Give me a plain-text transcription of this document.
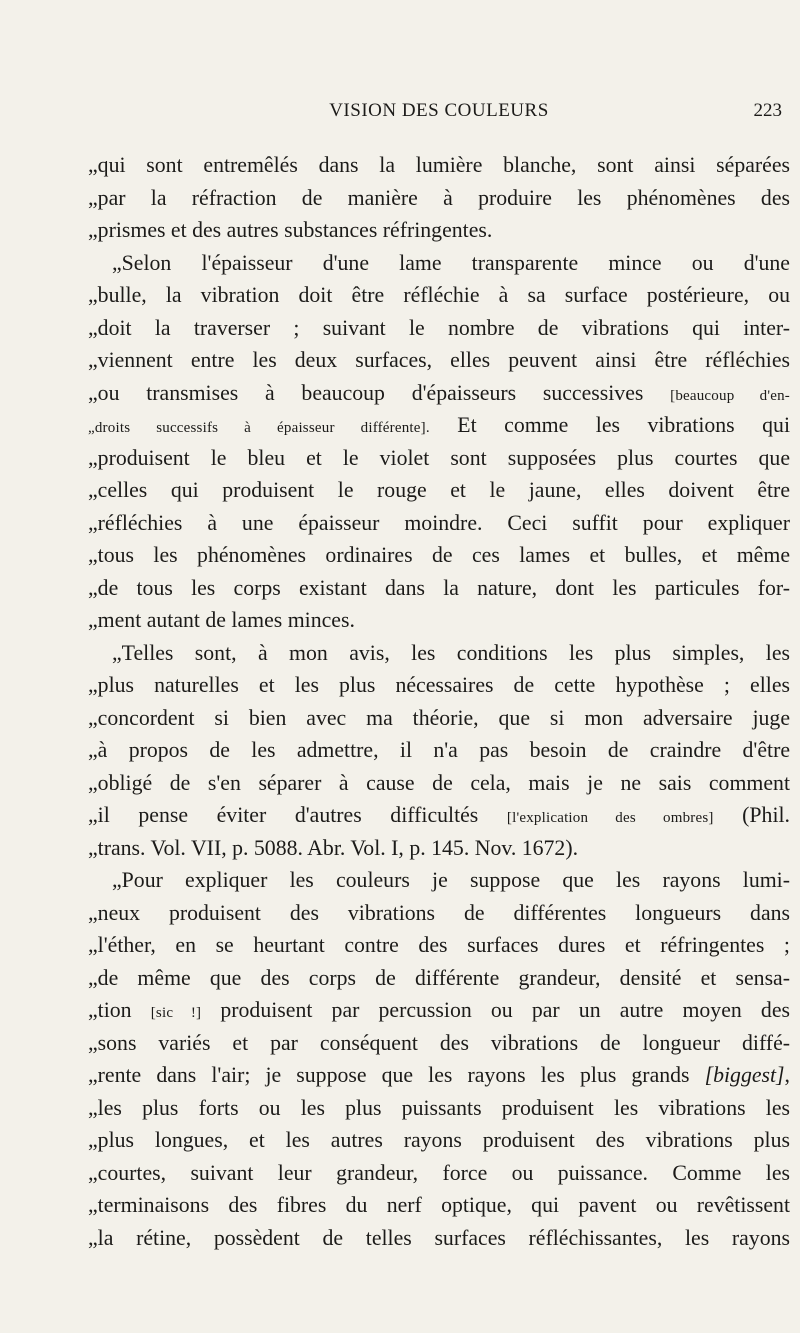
VISION DES COULEURS	223
„qui sont entremêlés dans la lumière blanche, sont ainsi séparées
„par la réfraction de manière à produire les phénomènes des
„prismes et des autres substances réfringentes.
„Selon l'épaisseur d'une lame transparente mince ou d'une
„bulle, la vibration doit être réfléchie à sa surface postérieure, ou
„doit la traverser ; suivant le nombre de vibrations qui inter-
„viennent entre les deux surfaces, elles peuvent ainsi être réfléchies
„ou transmises à beaucoup d'épaisseurs successives [beaucoup d'en-
„droits successifs à épaisseur différente]. Et comme les vibrations qui
„produisent le bleu et le violet sont supposées plus courtes que
„celles qui produisent le rouge et le jaune, elles doivent être
„réfléchies à une épaisseur moindre. Ceci suffit pour expliquer
„tous les phénomènes ordinaires de ces lames et bulles, et même
„de tous les corps existant dans la nature, dont les particules for-
„ment autant de lames minces.
„Telles sont, à mon avis, les conditions les plus simples, les
„plus naturelles et les plus nécessaires de cette hypothèse ; elles
„concordent si bien avec ma théorie, que si mon adversaire juge
„à propos de les admettre, il n'a pas besoin de craindre d'être
„obligé de s'en séparer à cause de cela, mais je ne sais comment
„il pense éviter d'autres difficultés [l'explication des ombres] (Phil.
„trans. Vol. VII, p. 5088. Abr. Vol. I, p. 145. Nov. 1672).
„Pour expliquer les couleurs je suppose que les rayons lumi-
„neux produisent des vibrations de différentes longueurs dans
„l'éther, en se heurtant contre des surfaces dures et réfringentes ;
„de même que des corps de différente grandeur, densité et sensa-
„tion [sic !] produisent par percussion ou par un autre moyen des
„sons variés et par conséquent des vibrations de longueur diffé-
„rente dans l'air; je suppose que les rayons les plus grands [biggest],
„les plus forts ou les plus puissants produisent les vibrations les
„plus longues, et les autres rayons produisent des vibrations plus
„courtes, suivant leur grandeur, force ou puissance. Comme les
„terminaisons des fibres du nerf optique, qui pavent ou revêtissent
„la rétine, possèdent de telles surfaces réfléchissantes, les rayons
